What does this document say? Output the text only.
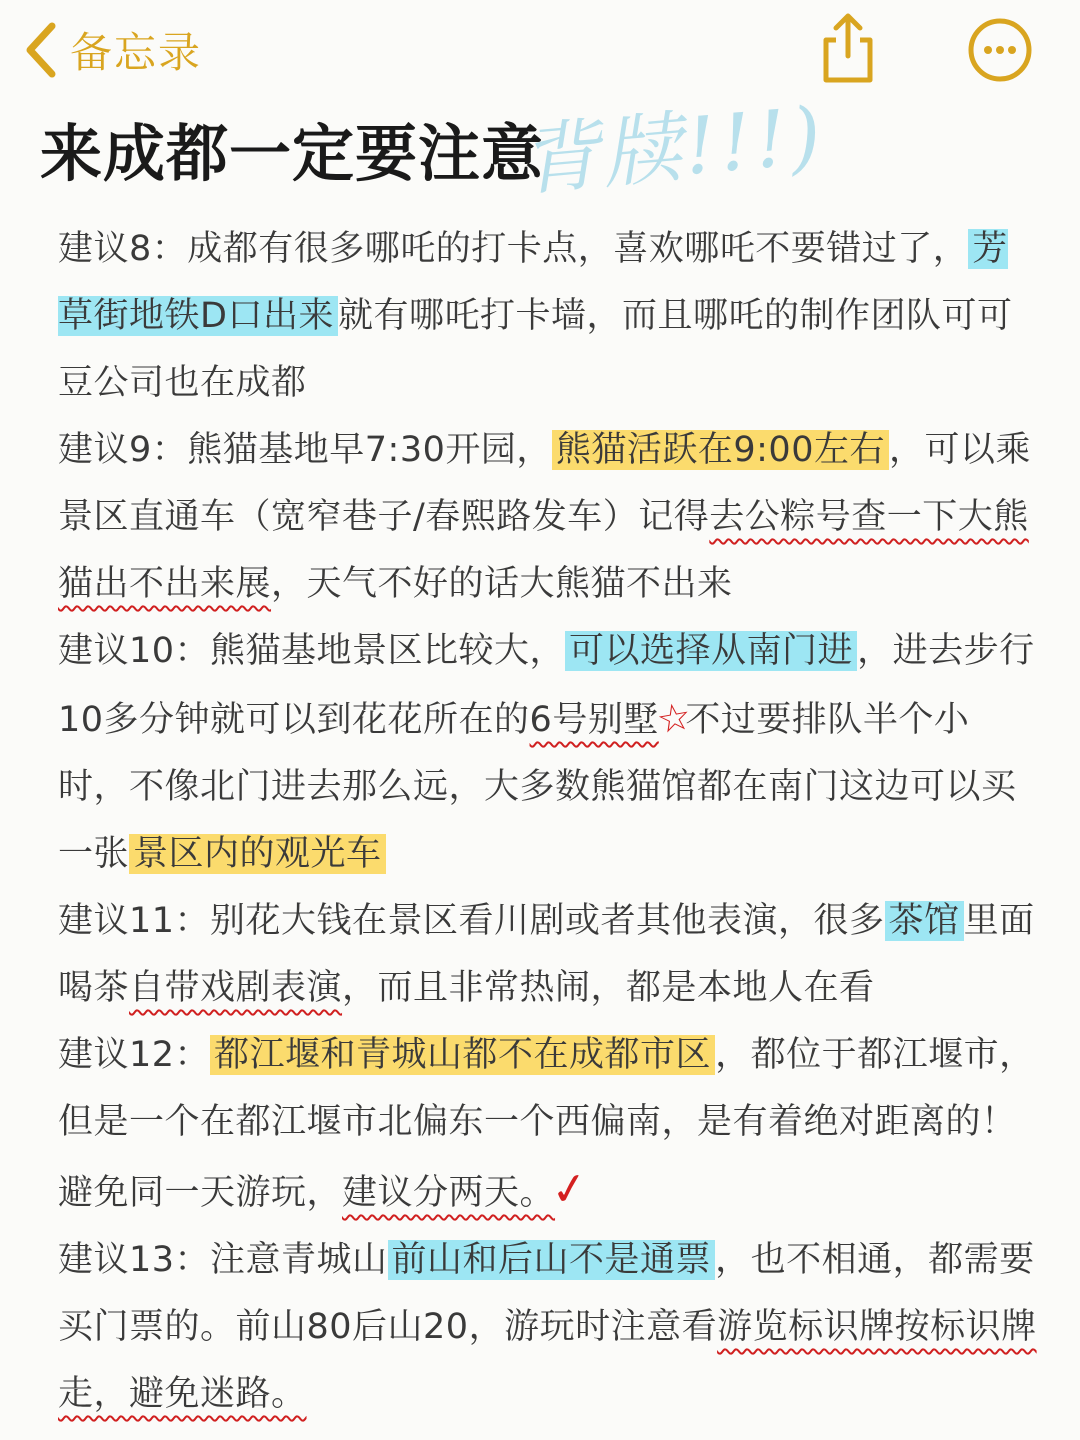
备忘录
来成都一定要注意
背牍!!!)

建议8：成都有很多哪吒的打卡点，喜欢哪吒不要错过了， 芳草街地铁D口出来 就有哪吒打卡墙，而且哪吒的制作团队可可豆公司也在成都

建议9：熊猫基地早7:30开园， 熊猫活跃在9:00左右 ，可以乘景区直通车（宽窄巷子/春熙路发车）记得去公粽号查一下大熊猫出不出来展，天气不好的话大熊猫不出来

建议10：熊猫基地景区比较大， 可以选择从南门进 ，进去步行10多分钟就可以到花花所在的6号别墅☆不过要排队半个小时，不像北门进去那么远，大多数熊猫馆都在南门这边可以买一张 景区内的观光车

建议11：别花大钱在景区看川剧或者其他表演，很多 茶馆 里面喝茶自带戏剧表演，而且非常热闹，都是本地人在看

建议12： 都江堰和青城山都不在成都市区 ，都位于都江堰市，但是一个在都江堰市北偏东一个西偏南，是有着绝对距离的！避免同一天游玩，建议分两天。✓

建议13：注意青城山 前山和后山不是通票 ，也不相通，都需要买门票的。前山80后山20，游玩时注意看游览标识牌按标识牌走，避免迷路。
